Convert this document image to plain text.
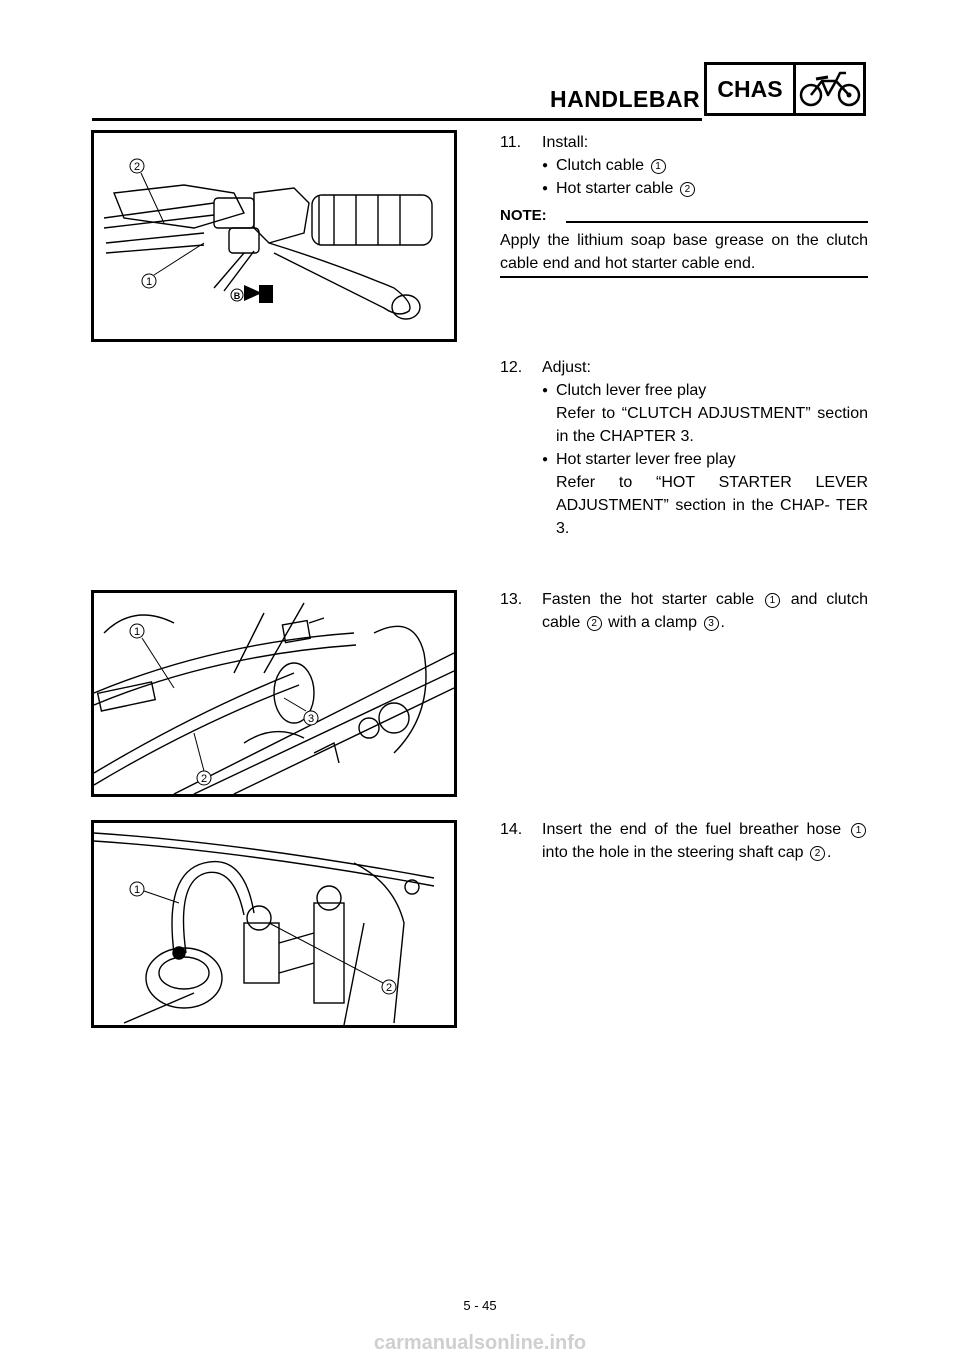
HANDLEBAR CHAS
B
2
1
11. Install:
● Clutch cable 1
● Hot starter cable 2
NOTE:
Apply the lithium soap base grease on the clutch cable end and hot starter cable end.
12. Adjust:
● Clutch lever free play
Refer to “CLUTCH ADJUSTMENT” section in the CHAPTER 3.
● Hot starter lever free play
Refer to “HOT STARTER LEVER ADJUSTMENT” section in the CHAP- TER 3.
1
3
2
13.	Fasten the hot starter cable 1 and clutch cable 2 with a clamp 3 .
1
2
14.	Insert the end of the fuel breather hose 1 into the hole in the steering shaft cap 2 .
5 - 45
carmanualsonline.info
